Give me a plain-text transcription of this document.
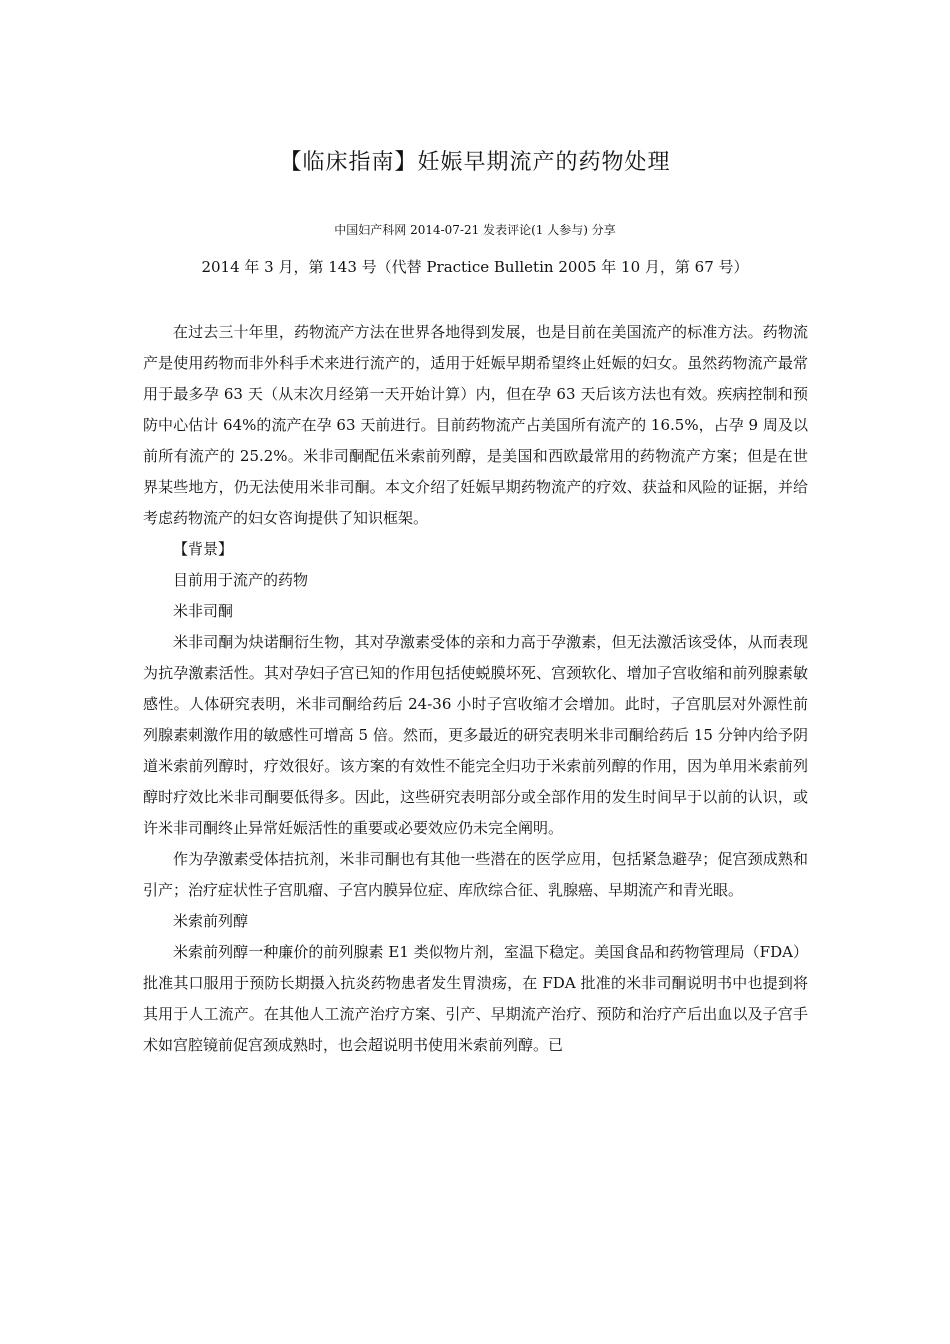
【临床指南】妊娠早期流产的药物处理
中国妇产科网 2014-07-21 发表评论(1 人参与) 分享
2014 年 3 月，第 143 号（代替 Practice Bulletin 2005 年 10 月，第 67 号）

在过去三十年里，药物流产方法在世界各地得到发展，也是目前在美国流产的标准方法。药物流产是使用药物而非外科手术来进行流产的，适用于妊娠早期希望终止妊娠的妇女。虽然药物流产最常用于最多孕 63 天（从末次月经第一天开始计算）内，但在孕 63 天后该方法也有效。疾病控制和预防中心估计 64%的流产在孕 63 天前进行。目前药物流产占美国所有流产的 16.5%，占孕 9 周及以前所有流产的 25.2%。米非司酮配伍米索前列醇，是美国和西欧最常用的药物流产方案；但是在世界某些地方，仍无法使用米非司酮。本文介绍了妊娠早期药物流产的疗效、获益和风险的证据，并给考虑药物流产的妇女咨询提供了知识框架。

【背景】

目前用于流产的药物

米非司酮

米非司酮为炔诺酮衍生物，其对孕激素受体的亲和力高于孕激素，但无法激活该受体，从而表现为抗孕激素活性。其对孕妇子宫已知的作用包括使蜕膜坏死、宫颈软化、增加子宫收缩和前列腺素敏感性。人体研究表明，米非司酮给药后 24-36 小时子宫收缩才会增加。此时，子宫肌层对外源性前列腺素刺激作用的敏感性可增高 5 倍。然而，更多最近的研究表明米非司酮给药后 15 分钟内给予阴道米索前列醇时，疗效很好。该方案的有效性不能完全归功于米索前列醇的作用，因为单用米索前列醇时疗效比米非司酮要低得多。因此，这些研究表明部分或全部作用的发生时间早于以前的认识，或许米非司酮终止异常妊娠活性的重要或必要效应仍未完全阐明。

作为孕激素受体拮抗剂，米非司酮也有其他一些潜在的医学应用，包括紧急避孕；促宫颈成熟和引产；治疗症状性子宫肌瘤、子宫内膜异位症、库欣综合征、乳腺癌、早期流产和青光眼。

米索前列醇

米索前列醇一种廉价的前列腺素 E1 类似物片剂，室温下稳定。美国食品和药物管理局（FDA）批准其口服用于预防长期摄入抗炎药物患者发生胃溃疡，在 FDA 批准的米非司酮说明书中也提到将其用于人工流产。在其他人工流产治疗方案、引产、早期流产治疗、预防和治疗产后出血以及子宫手术如宫腔镜前促宫颈成熟时，也会超说明书使用米索前列醇。已
